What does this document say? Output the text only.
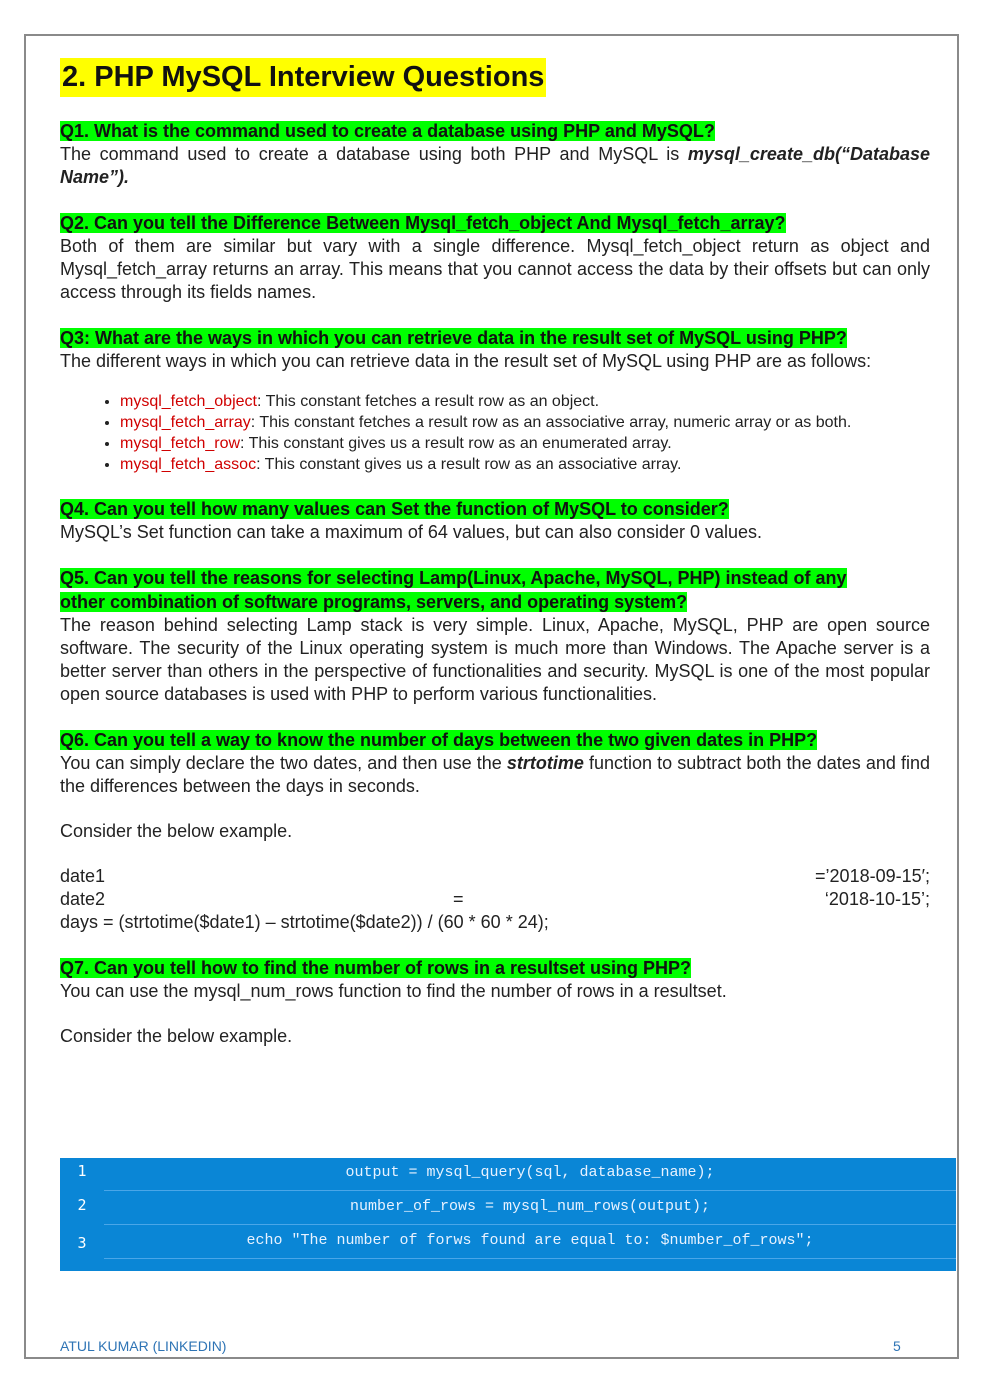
2. PHP MySQL Interview Questions

Q1. What is the command used to create a database using PHP and MySQL?

The command used to create a database using both PHP and MySQL is mysql_create_db(“Database Name”).

Q2. Can you tell the Difference Between Mysql_fetch_object And Mysql_fetch_array?

Both of them are similar but vary with a single difference. Mysql_fetch_object return as object and Mysql_fetch_array returns an array. This means that you cannot access the data by their offsets but can only access through its fields names.

Q3: What are the ways in which you can retrieve data in the result set of MySQL using PHP?

The different ways in which you can retrieve data in the result set of MySQL using PHP are as follows:

• mysql_fetch_object: This constant fetches a result row as an object.
• mysql_fetch_array: This constant fetches a result row as an associative array, numeric array or as both.
• mysql_fetch_row: This constant gives us a result row as an enumerated array.
• mysql_fetch_assoc: This constant gives us a result row as an associative array.

Q4. Can you tell how many values can Set the function of MySQL to consider?

MySQL’s Set function can take a maximum of 64 values, but can also consider 0 values.

Q5. Can you tell the reasons for selecting Lamp(Linux, Apache, MySQL, PHP) instead of any
other combination of software programs, servers, and operating system?

The reason behind selecting Lamp stack is very simple. Linux, Apache, MySQL, PHP are open source software. The security of the Linux operating system is much more than Windows. The Apache server is a better server than others in the perspective of functionalities and security. MySQL is one of the most popular open source databases is used with PHP to perform various functionalities.

Q6. Can you tell a way to know the number of days between the two given dates in PHP?

You can simply declare the two dates, and then use the strtotime function to subtract both the dates and find the differences between the days in seconds.

Consider the below example.

date1	=’2018-09-15′;
date2	=	‘2018-10-15’;

days = (strtotime($date1) – strtotime($date2)) / (60 * 60 * 24);

Q7. Can you tell how to find the number of rows in a resultset using PHP?

You can use the mysql_num_rows function to find the number of rows in a resultset.

Consider the below example.

1	output = mysql_query(sql, database_name);
2	number_of_rows = mysql_num_rows(output);
3	echo "The number of forws found are equal to: $number_of_rows";
ATUL KUMAR (LINKEDIN)	5
